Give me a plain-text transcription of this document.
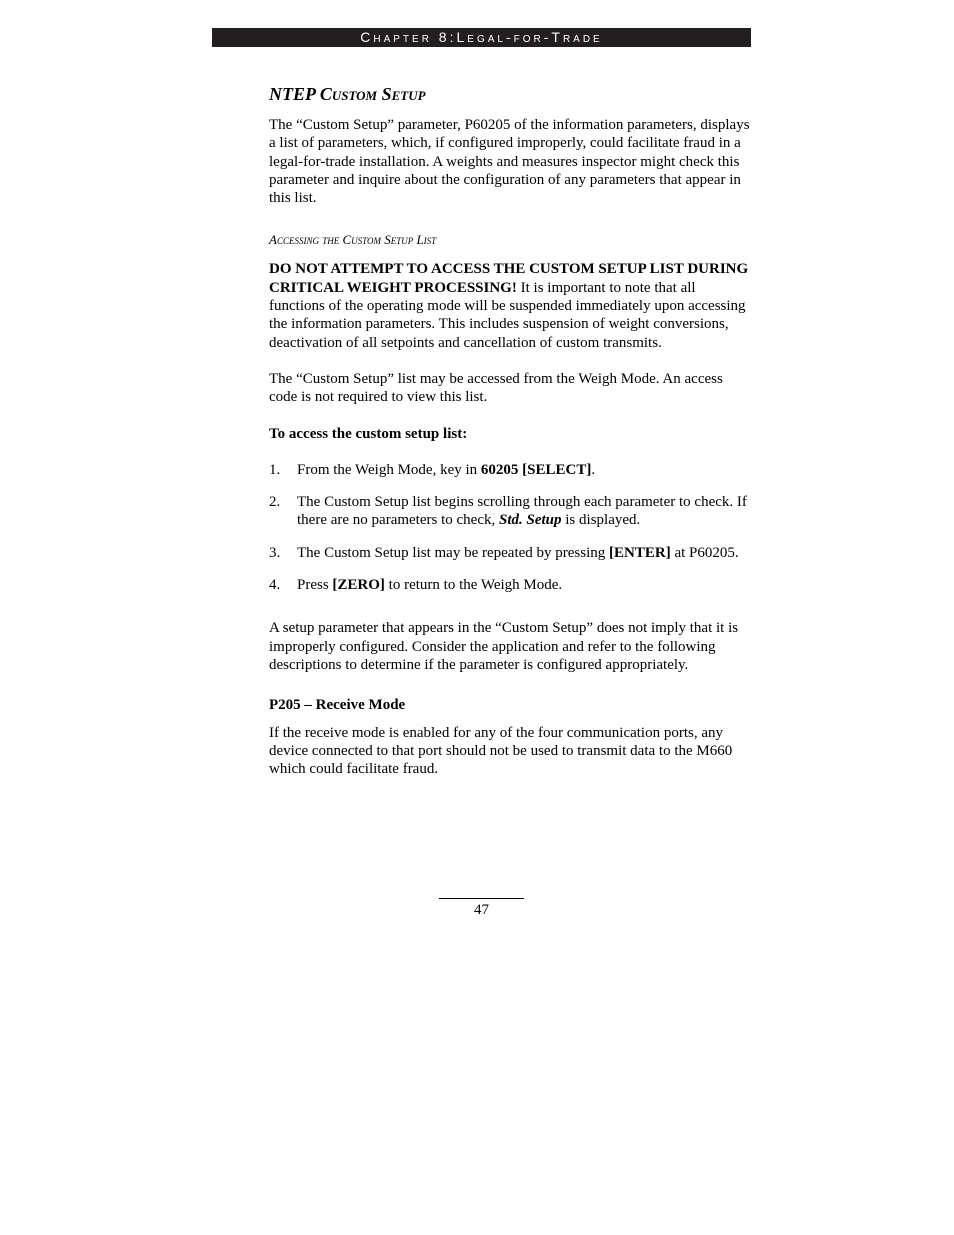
Chapter 8:Legal-for-Trade
NTEP Custom Setup

The “Custom Setup” parameter, P60205 of the information parameters, displays a list of parameters, which, if configured improperly, could facilitate fraud in a legal-for-trade installation. A weights and measures inspector might check this parameter and inquire about the configuration of any parameters that appear in this list.

Accessing the Custom Setup List

DO NOT ATTEMPT TO ACCESS THE CUSTOM SETUP LIST DURING CRITICAL WEIGHT PROCESSING! It is important to note that all functions of the operating mode will be suspended immediately upon accessing the information parameters. This includes suspension of weight conversions, deactivation of all setpoints and cancellation of custom transmits.

The “Custom Setup” list may be accessed from the Weigh Mode. An access code is not required to view this list.

To access the custom setup list:

1. From the Weigh Mode, key in 60205 [SELECT].
2. The Custom Setup list begins scrolling through each parameter to check. If there are no parameters to check, Std. Setup is displayed.
3. The Custom Setup list may be repeated by pressing [ENTER] at P60205.
4. Press [ZERO] to return to the Weigh Mode.

A setup parameter that appears in the “Custom Setup” does not imply that it is improperly configured. Consider the application and refer to the following descriptions to determine if the parameter is configured appropriately.

P205 – Receive Mode

If the receive mode is enabled for any of the four communication ports, any device connected to that port should not be used to transmit data to the M660 which could facilitate fraud.

47
